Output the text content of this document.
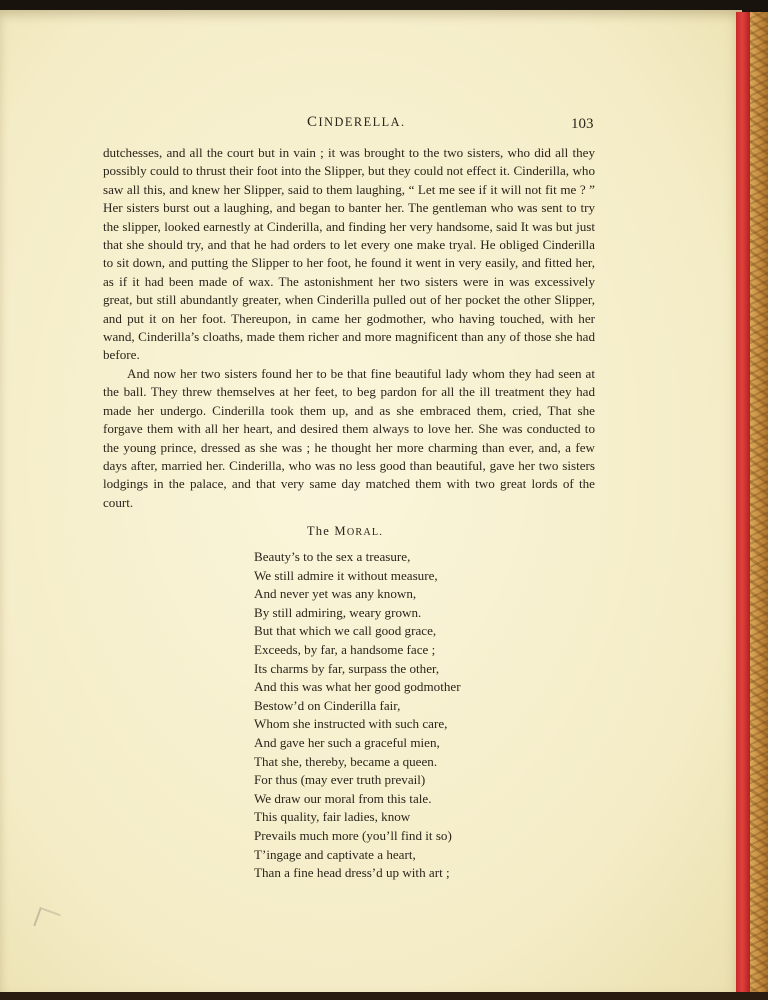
CINDERELLA.	103

dutchesses, and all the court but in vain ; it was brought to the two sisters, who did all they possibly could to thrust their foot into the Slipper, but they could not effect it. Cinderilla, who saw all this, and knew her Slipper, said to them laughing, “ Let me see if it will not fit me ? ” Her sisters burst out a laughing, and began to banter her. The gentleman who was sent to try the slipper, looked earnestly at Cinderilla, and finding her very handsome, said It was but just that she should try, and that he had orders to let every one make tryal. He obliged Cinderilla to sit down, and putting the Slipper to her foot, he found it went in very easily, and fitted her, as if it had been made of wax. The astonishment her two sisters were in was excessively great, but still abundantly greater, when Cinderilla pulled out of her pocket the other Slipper, and put it on her foot. Thereupon, in came her godmother, who having touched, with her wand, Cinderilla’s cloaths, made them richer and more magnificent than any of those she had before.

And now her two sisters found her to be that fine beautiful lady whom they had seen at the ball. They threw themselves at her feet, to beg pardon for all the ill treatment they had made her undergo. Cinderilla took them up, and as she embraced them, cried, That she forgave them with all her heart, and desired them always to love her. She was conducted to the young prince, dressed as she was ; he thought her more charming than ever, and, a few days after, married her. Cinderilla, who was no less good than beautiful, gave her two sisters lodgings in the palace, and that very same day matched them with two great lords of the court.

The MORAL.
Beauty’s to the sex a treasure,
We still admire it without measure,
And never yet was any known,
By still admiring, weary grown.
But that which we call good grace,
Exceeds, by far, a handsome face ;
Its charms by far, surpass the other,
And this was what her good godmother
Bestow’d on Cinderilla fair,
Whom she instructed with such care,
And gave her such a graceful mien,
That she, thereby, became a queen.
For thus (may ever truth prevail)
We draw our moral from this tale.
This quality, fair ladies, know
Prevails much more (you’ll find it so)
T’ingage and captivate a heart,
Than a fine head dress’d up with art ;
